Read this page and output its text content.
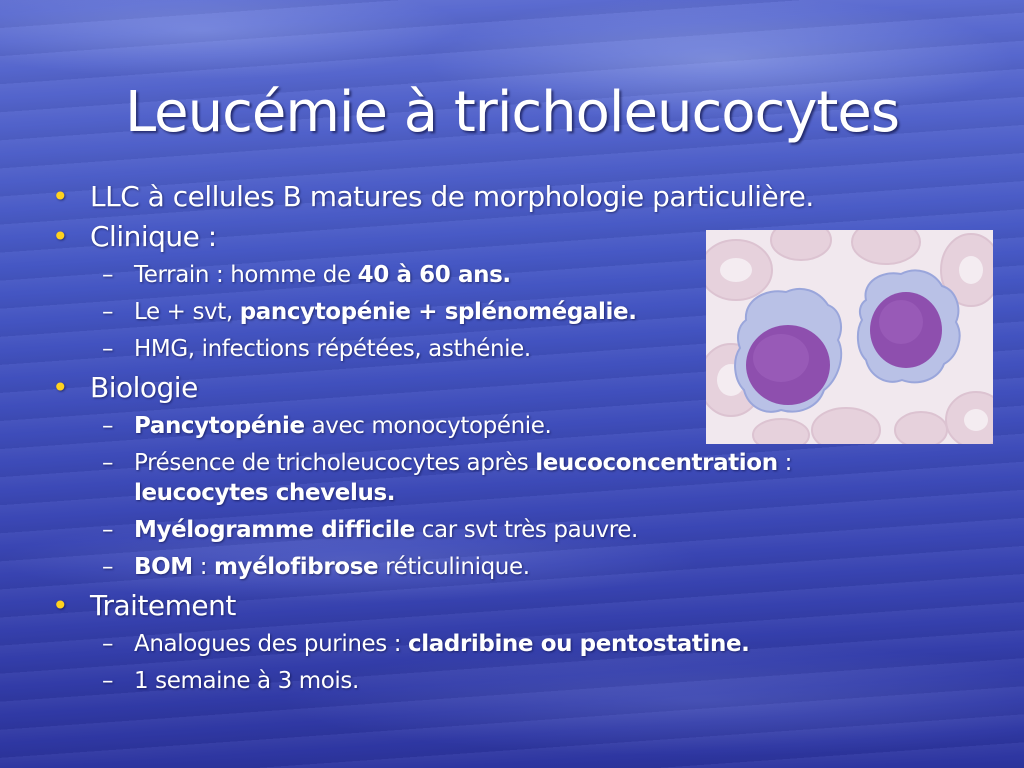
Leucémie à tricholeucocytes
• LLC à cellules B matures de morphologie particulière.
• Clinique :
– Terrain : homme de 40 à 60 ans.
– Le + svt, pancytopénie + splénomégalie.
– HMG, infections répétées, asthénie.
• Biologie
– Pancytopénie avec monocytopénie.
– Présence de tricholeucocytes après leucoconcentration :
leucocytes chevelus.
– Myélogramme difficile car svt très pauvre.
– BOM : myélofibrose réticulinique.
• Traitement
– Analogues des purines : cladribine ou pentostatine.
– 1 semaine à 3 mois.
